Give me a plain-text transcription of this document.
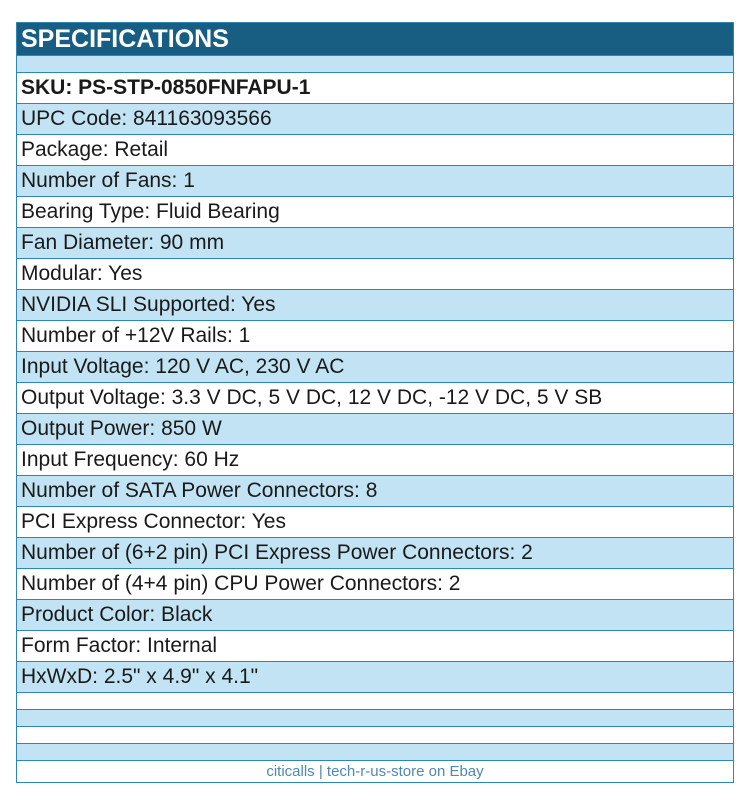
SPECIFICATIONS
SKU: PS-STP-0850FNFAPU-1
UPC Code: 841163093566
Package: Retail
Number of Fans: 1
Bearing Type: Fluid Bearing
Fan Diameter: 90 mm
Modular: Yes
NVIDIA SLI Supported: Yes
Number of +12V Rails: 1
Input Voltage: 120 V AC, 230 V AC
Output Voltage: 3.3 V DC, 5 V DC, 12 V DC, -12 V DC, 5 V SB
Output Power: 850 W
Input Frequency: 60 Hz
Number of SATA Power Connectors: 8
PCI Express Connector: Yes
Number of (6+2 pin) PCI Express Power Connectors: 2
Number of (4+4 pin) CPU Power Connectors: 2
Product Color: Black
Form Factor: Internal
HxWxD: 2.5" x 4.9" x 4.1"
citicalls | tech-r-us-store on Ebay
